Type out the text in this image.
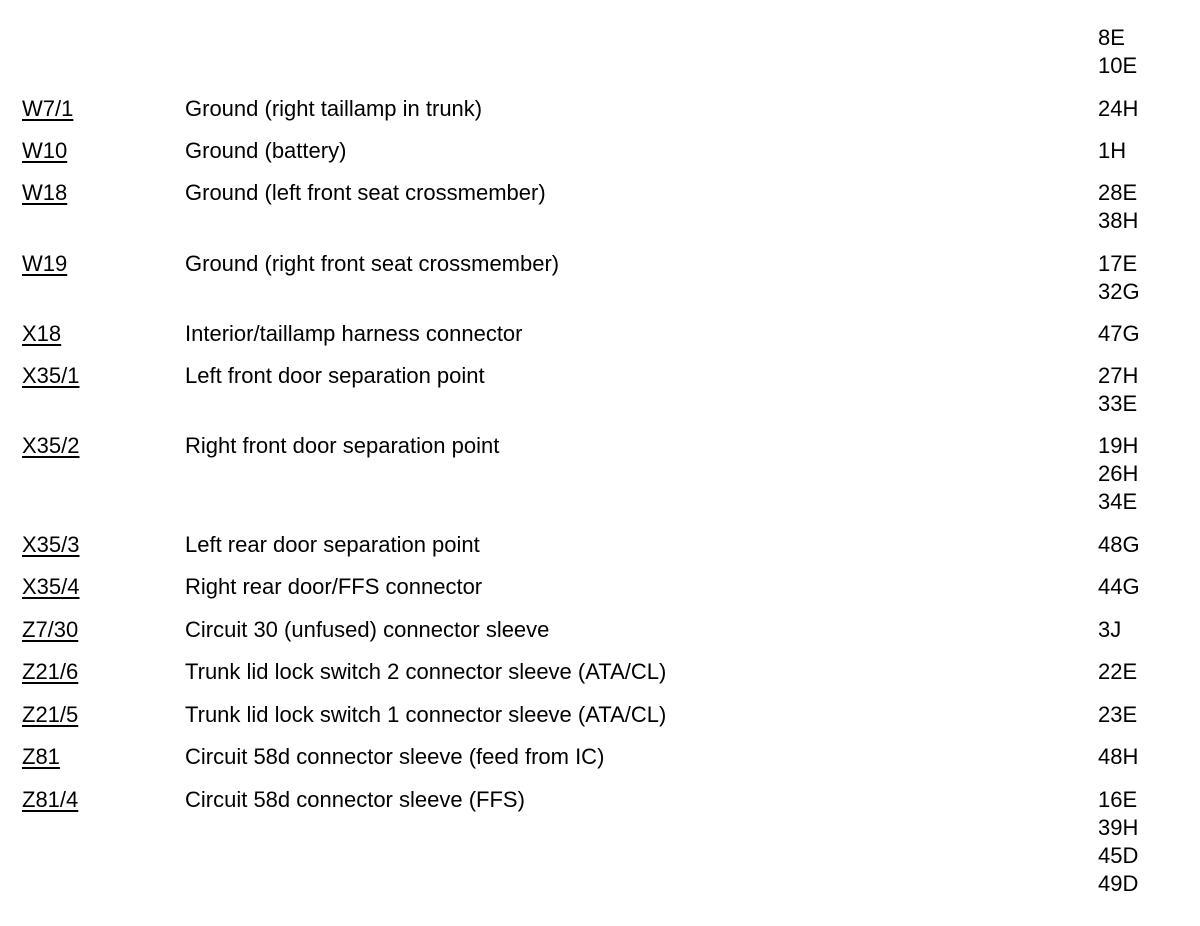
8E
10E
W7/1	Ground (right taillamp in trunk)	24H
W10	Ground (battery)	1H
W18	Ground (left front seat crossmember)	28E
38H
W19	Ground (right front seat crossmember)	17E
32G
X18	Interior/taillamp harness connector	47G
X35/1	Left front door separation point	27H
33E
X35/2	Right front door separation point	19H
26H
34E
X35/3	Left rear door separation point	48G
X35/4	Right rear door/FFS connector	44G
Z7/30	Circuit 30 (unfused) connector sleeve	3J
Z21/6	Trunk lid lock switch 2 connector sleeve (ATA/CL)	22E
Z21/5	Trunk lid lock switch 1 connector sleeve (ATA/CL)	23E
Z81	Circuit 58d connector sleeve (feed from IC)	48H
Z81/4	Circuit 58d connector sleeve (FFS)	16E
39H
45D
49D
